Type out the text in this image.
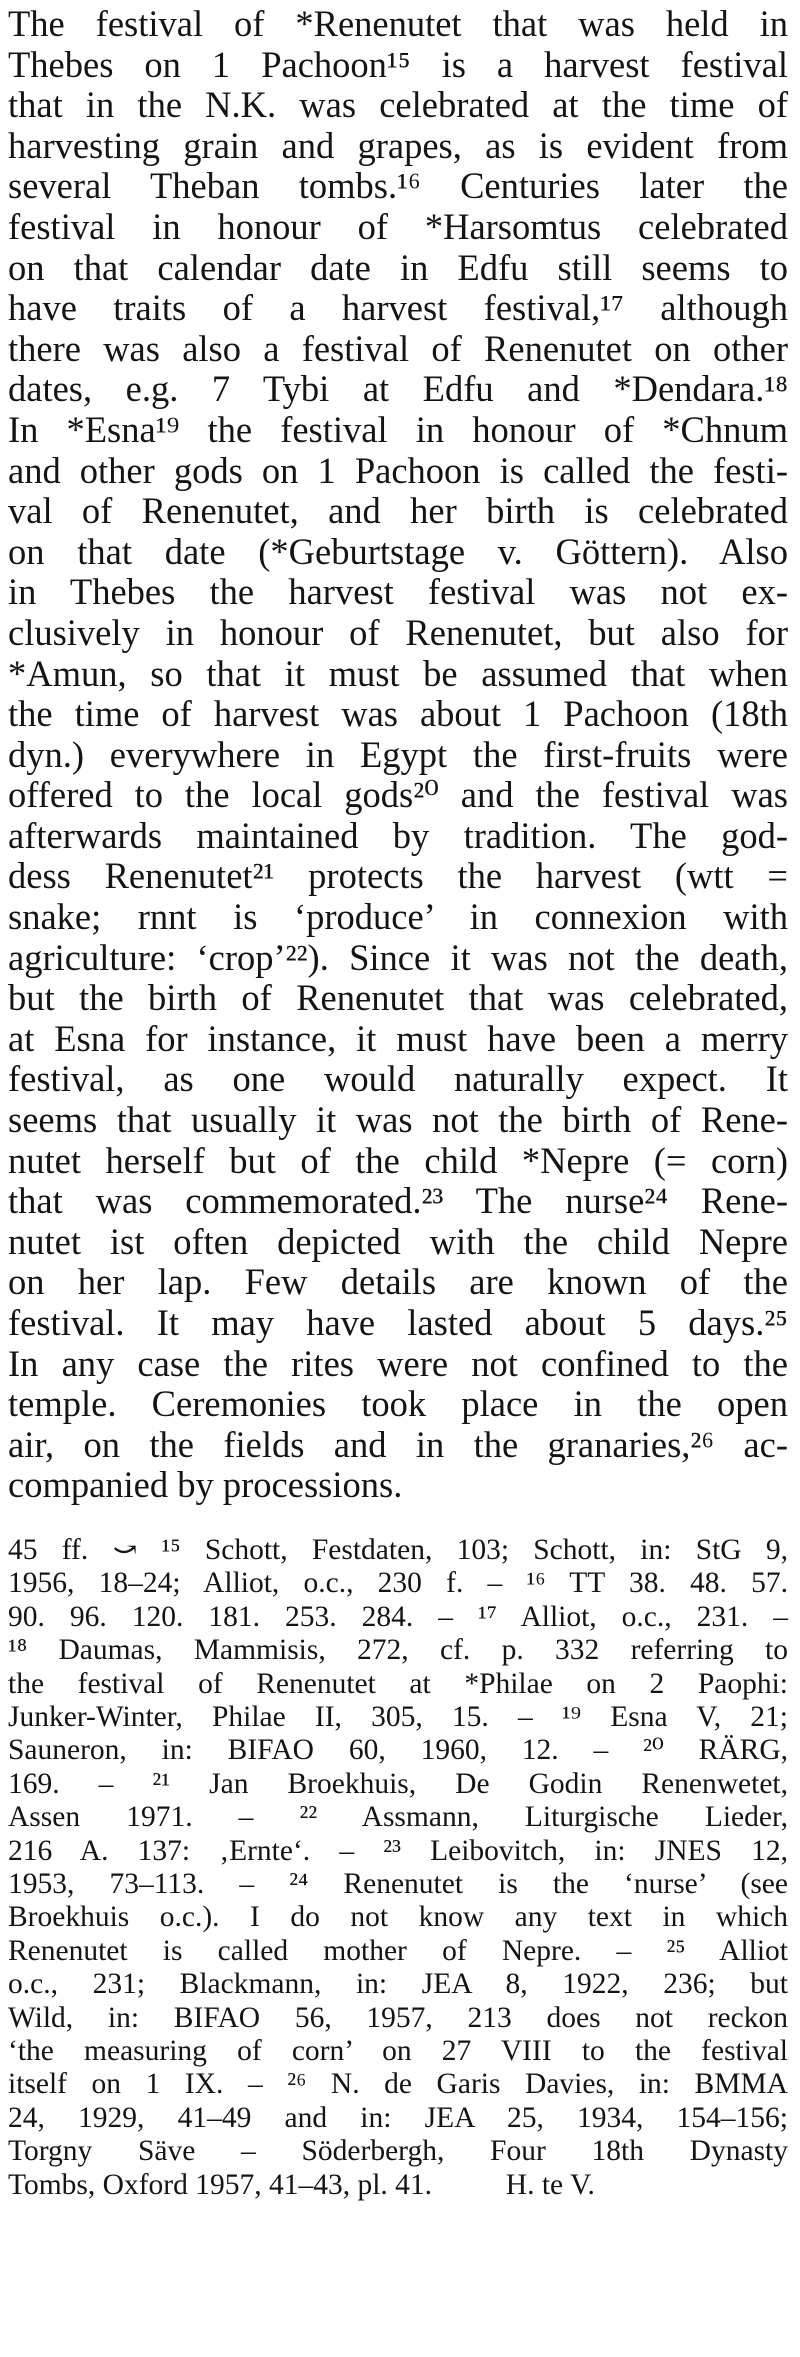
The festival of *Renenutet that was held in
Thebes on 1 Pachoon¹⁵ is a harvest festival
that in the N.K. was celebrated at the time of
harvesting grain and grapes, as is evident from
several Theban tombs.¹⁶ Centuries later the
festival in honour of *Harsomtus celebrated
on that calendar date in Edfu still seems to
have traits of a harvest festival,¹⁷ although
there was also a festival of Renenutet on other
dates, e.g. 7 Tybi at Edfu and *Dendara.¹⁸
In *Esna¹⁹ the festival in honour of *Chnum
and other gods on 1 Pachoon is called the festi-
val of Renenutet, and her birth is celebrated
on that date (*Geburtstage v. Göttern). Also
in Thebes the harvest festival was not ex-
clusively in honour of Renenutet, but also for
*Amun, so that it must be assumed that when
the time of harvest was about 1 Pachoon (18th
dyn.) everywhere in Egypt the first-fruits were
offered to the local gods²⁰ and the festival was
afterwards maintained by tradition. The god-
dess Renenutet²¹ protects the harvest (wtt =
snake; rnnt is ‘produce’ in connexion with
agriculture: ‘crop’²²). Since it was not the death,
but the birth of Renenutet that was celebrated,
at Esna for instance, it must have been a merry
festival, as one would naturally expect. It
seems that usually it was not the birth of Rene-
nutet herself but of the child *Nepre (= corn)
that was commemorated.²³ The nurse²⁴ Rene-
nutet ist often depicted with the child Nepre
on her lap. Few details are known of the
festival. It may have lasted about 5 days.²⁵
In any case the rites were not confined to the
temple. Ceremonies took place in the open
air, on the fields and in the granaries,²⁶ ac-
companied by processions.
45 ff. ⤻ ¹⁵ Schott, Festdaten, 103; Schott, in: StG 9,
1956, 18–24; Alliot, o.c., 230 f. – ¹⁶ TT 38. 48. 57.
90. 96. 120. 181. 253. 284. – ¹⁷ Alliot, o.c., 231. –
¹⁸ Daumas, Mammisis, 272, cf. p. 332 referring to
the festival of Renenutet at *Philae on 2 Paophi:
Junker-Winter, Philae II, 305, 15. – ¹⁹ Esna V, 21;
Sauneron, in: BIFAO 60, 1960, 12. – ²⁰ RÄRG,
169. – ²¹ Jan Broekhuis, De Godin Renenwetet,
Assen 1971. – ²² Assmann, Liturgische Lieder,
216 A. 137: ‚Ernte‘. – ²³ Leibovitch, in: JNES 12,
1953, 73–113. – ²⁴ Renenutet is the ‘nurse’ (see
Broekhuis o.c.). I do not know any text in which
Renenutet is called mother of Nepre. – ²⁵ Alliot
o.c., 231; Blackmann, in: JEA 8, 1922, 236; but
Wild, in: BIFAO 56, 1957, 213 does not reckon
‘the measuring of corn’ on 27 VIII to the festival
itself on 1 IX. – ²⁶ N. de Garis Davies, in: BMMA
24, 1929, 41–49 and in: JEA 25, 1934, 154–156;
Torgny Säve – Söderbergh, Four 18th Dynasty
Tombs, Oxford 1957, 41–43, pl. 41.          H. te V.
